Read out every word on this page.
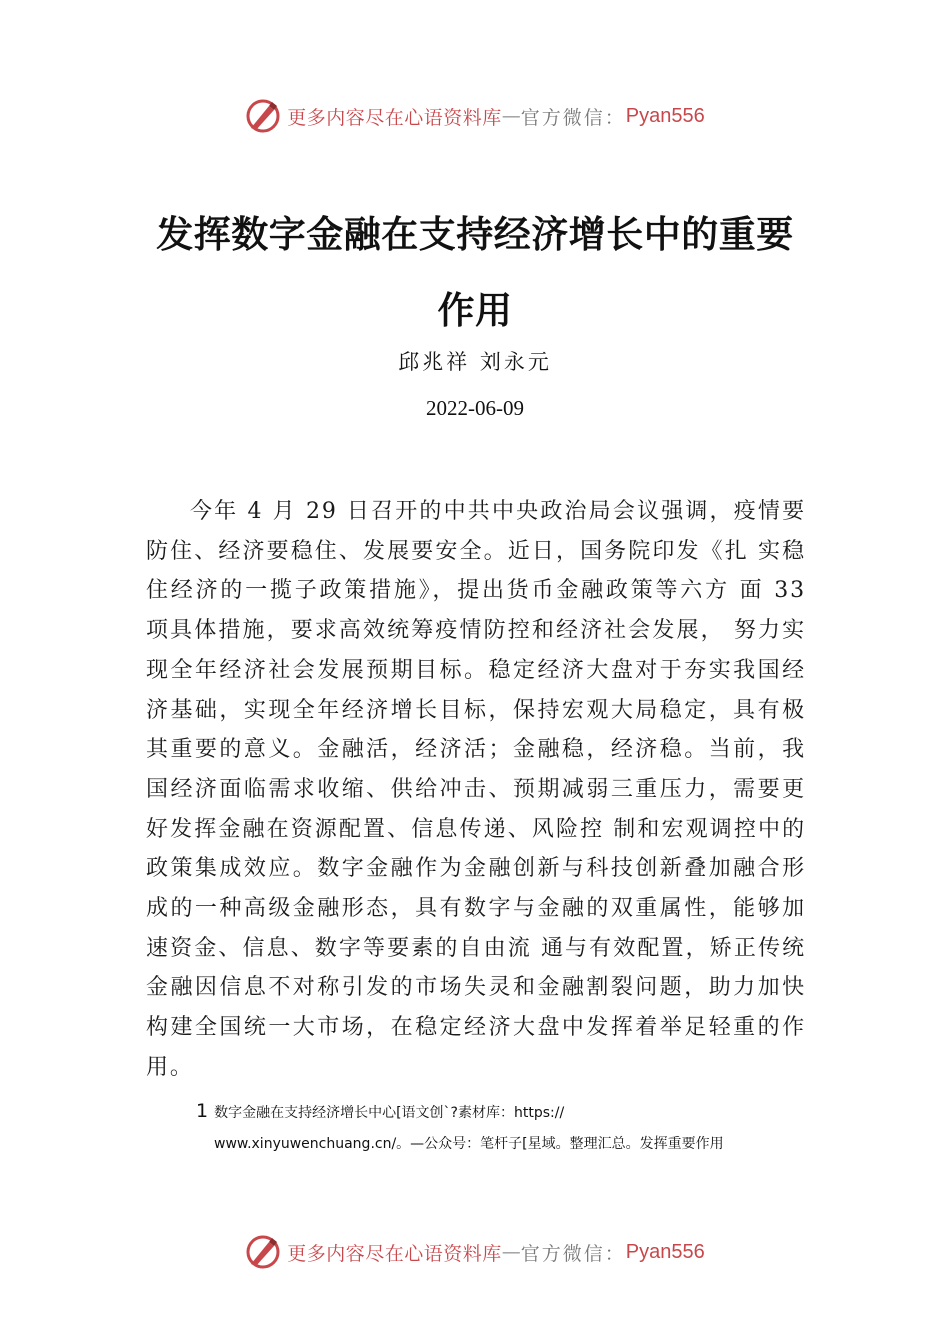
更多内容尽在心语资料库 — 官方微信： Pyan556
发挥数字金融在支持经济增长中的重要作用
邱兆祥 刘永元
2022-06-09

今年 4 月 29 日召开的中共中央政治局会议强调，疫情要防住、经济要稳住、发展要安全。近日，国务院印发《扎 实稳住经济的一揽子政策措施》，提出货币金融政策等六方 面 33 项具体措施，要求高效统筹疫情防控和经济社会发展， 努力实现全年经济社会发展预期目标。稳定经济大盘对于夯实我国经济基础，实现全年经济增长目标，保持宏观大局稳定，具有极其重要的意义。金融活，经济活；金融稳，经济稳。当前，我国经济面临需求收缩、供给冲击、预期减弱三重压力，需要更好发挥金融在资源配置、信息传递、风险控 制和宏观调控中的政策集成效应。数字金融作为金融创新与科技创新叠加融合形成的一种高级金融形态，具有数字与金融的双重属性，能够加速资金、信息、数字等要素的自由流 通与有效配置，矫正传统金融因信息不对称引发的市场失灵和金融割裂问题，助力加快构建全国统一大市场，在稳定经济大盘中发挥着举足轻重的作用。

1 数字金融在支持经济增长中心[语文创`?素材库：https://
www.xinyuwenchuang.cn/。—公众号：笔杆子[星域。整理汇总。发挥重要作用
更多内容尽在心语资料库 — 官方微信： Pyan556
